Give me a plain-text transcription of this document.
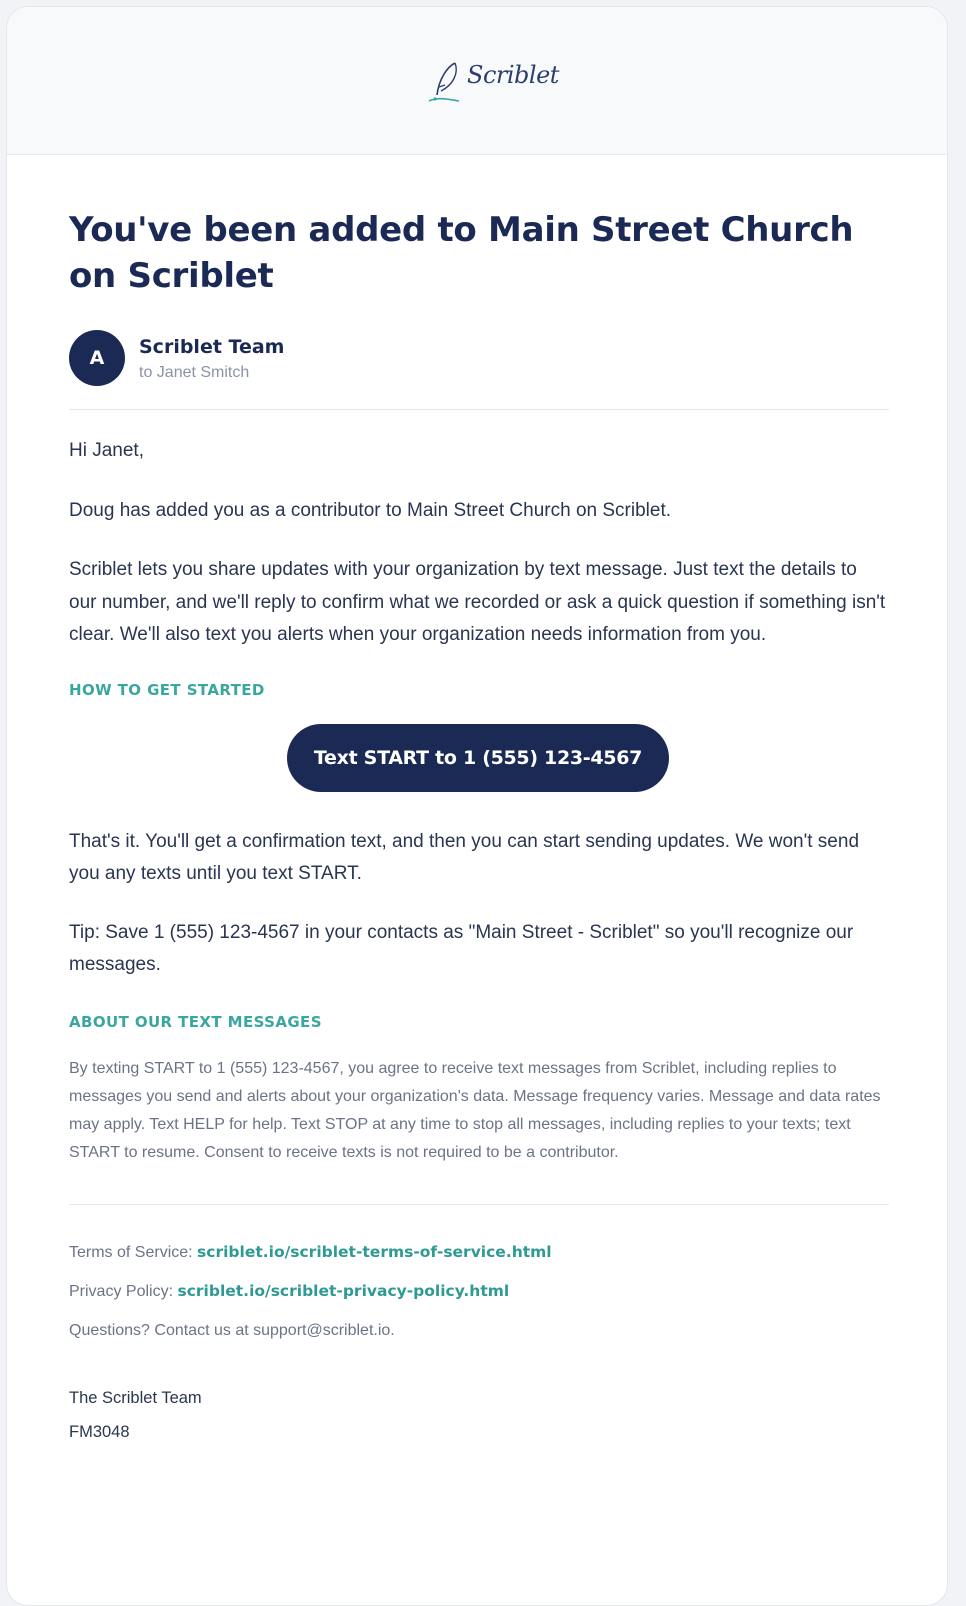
Scriblet
You've been added to Main Street Church on Scriblet
A
Scriblet Team
to Janet Smitch

Hi Janet,

Doug has added you as a contributor to Main Street Church on Scriblet.

Scriblet lets you share updates with your organization by text message. Just text the details to our number, and we'll reply to confirm what we recorded or ask a quick question if something isn't clear. We'll also text you alerts when your organization needs information from you.

HOW TO GET STARTED
Text START to 1 (555) 123-4567

That's it. You'll get a confirmation text, and then you can start sending updates. We won't send you any texts until you text START.

Tip: Save 1 (555) 123-4567 in your contacts as "Main Street - Scriblet" so you'll recognize our messages.

ABOUT OUR TEXT MESSAGES

By texting START to 1 (555) 123-4567, you agree to receive text messages from Scriblet, including replies to messages you send and alerts about your organization's data. Message frequency varies. Message and data rates may apply. Text HELP for help. Text STOP at any time to stop all messages, including replies to your texts; text START to resume. Consent to receive texts is not required to be a contributor.

Terms of Service: scriblet.io/scriblet-terms-of-service.html
Privacy Policy: scriblet.io/scriblet-privacy-policy.html
Questions? Contact us at support@scriblet.io.
The Scriblet Team
FM3048
